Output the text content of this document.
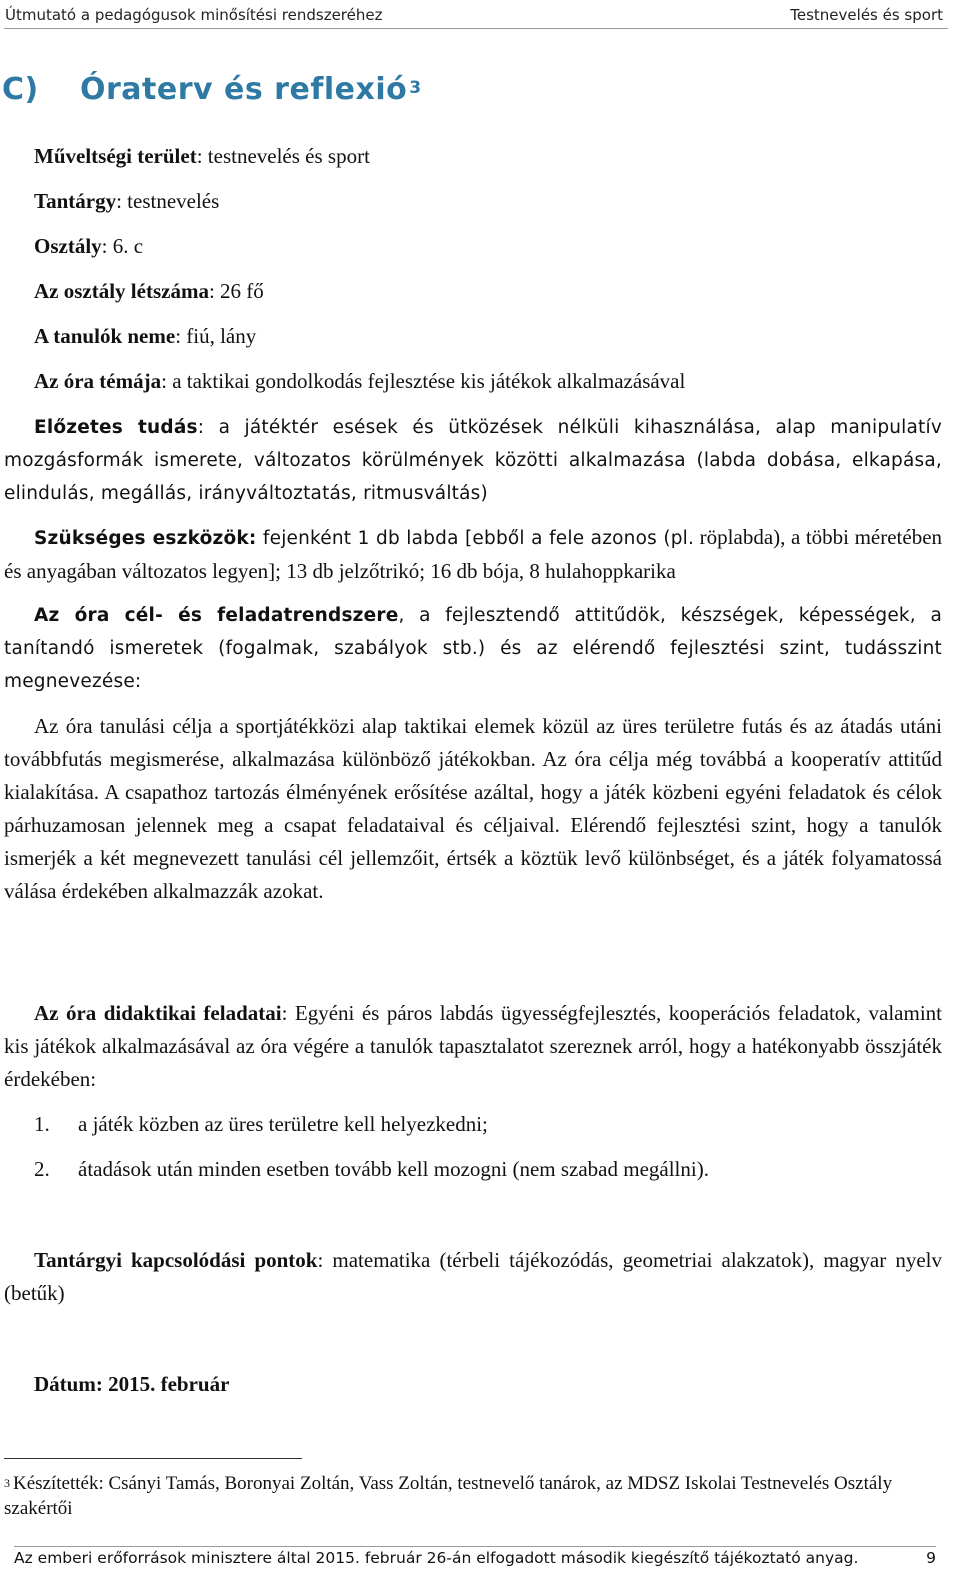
Útmutató a pedagógusok minősítési rendszeréhez	Testnevelés és sport
C) Óraterv és reflexió $^3$
Műveltségi terület: testnevelés és sport
Tantárgy: testnevelés
Osztály: 6. c
Az osztály létszáma: 26 fő
A tanulók neme: fiú, lány
Az óra témája: a taktikai gondolkodás fejlesztése kis játékok alkalmazásával
Előzetes tudás: a játéktér esések és ütközések nélküli kihasználása, alap manipulatív mozgásformák ismerete, változatos körülmények közötti alkalmazása (labda dobása, elkapása, elindulás, megállás, irányváltoztatás, ritmusváltás)
Szükséges eszközök: fejenként 1 db labda [ebből a fele azonos (pl. röplabda), a többi méretében és anyagában változatos legyen]; 13 db jelzőtrikó; 16 db bója, 8 hulahoppkarika
Az óra cél- és feladatrendszere, a fejlesztendő attitűdök, készségek, képességek, a tanítandó ismeretek (fogalmak, szabályok stb.) és az elérendő fejlesztési szint, tudásszint megnevezése:
Az óra tanulási célja a sportjátékközi alap taktikai elemek közül az üres területre futás és az átadás utáni továbbfutás megismerése, alkalmazása különböző játékokban. Az óra célja még továbbá a kooperatív attitűd kialakítása. A csapathoz tartozás élményének erősítése azáltal, hogy a játék közbeni egyéni feladatok és célok párhuzamosan jelennek meg a csapat feladataival és céljaival. Elérendő fejlesztési szint, hogy a tanulók ismerjék a két megnevezett tanulási cél jellemzőit, értsék a köztük levő különbséget, és a játék folyamatossá válása érdekében alkalmazzák azokat.
Az óra didaktikai feladatai: Egyéni és páros labdás ügyességfejlesztés, kooperációs feladatok, valamint kis játékok alkalmazásával az óra végére a tanulók tapasztalatot szereznek arról, hogy a hatékonyabb összjáték érdekében:
1. a játék közben az üres területre kell helyezkedni;
2. átadások után minden esetben tovább kell mozogni (nem szabad megállni).
Tantárgyi kapcsolódási pontok: matematika (térbeli tájékozódás, geometriai alakzatok), magyar nyelv (betűk)
Dátum: 2015. február
$^3$ Készítették: Csányi Tamás, Boronyai Zoltán, Vass Zoltán, testnevelő tanárok, az MDSZ Iskolai Testnevelés Osztály szakértői
Az emberi erőforrások minisztere által 2015. február 26-án elfogadott második kiegészítő tájékoztató anyag.	9
